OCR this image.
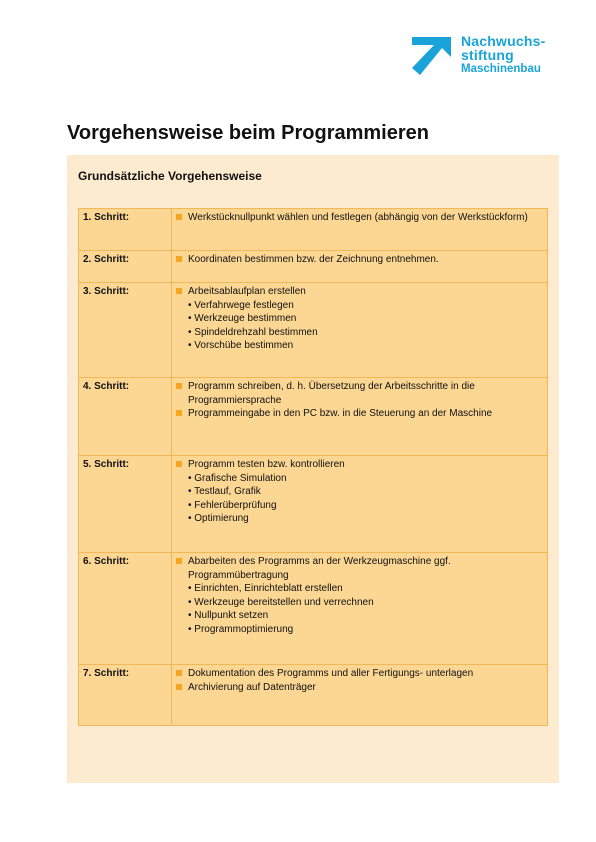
Nachwuchs-
stiftung
Maschinenbau
Vorgehensweise beim Programmieren
Grundsätzliche Vorgehensweise
1. Schritt:	Werkstücknullpunkt wählen und festlegen (abhängig von der Werkstückform)

2. Schritt:	Koordinaten bestimmen bzw. der Zeichnung entnehmen.

3. Schritt:	Arbeitsablaufplan erstellen
• Verfahrwege festlegen
• Werkzeuge bestimmen
• Spindeldrehzahl bestimmen
• Vorschübe bestimmen

4. Schritt:	Programm schreiben, d. h. Übersetzung der Arbeitsschritte in die Programmiersprache
Programmeingabe in den PC bzw. in die Steuerung an der Maschine

5. Schritt:	Programm testen bzw. kontrollieren
• Grafische Simulation
• Testlauf, Grafik
• Fehlerüberprüfung
• Optimierung

6. Schritt:	Abarbeiten des Programms an der Werkzeugmaschine ggf. Programmübertragung
• Einrichten, Einrichteblatt erstellen
• Werkzeuge bereitstellen und verrechnen
• Nullpunkt setzen
• Programmoptimierung

7. Schritt:	Dokumentation des Programms und aller Fertigungs- unterlagen
Archivierung auf Datenträger
